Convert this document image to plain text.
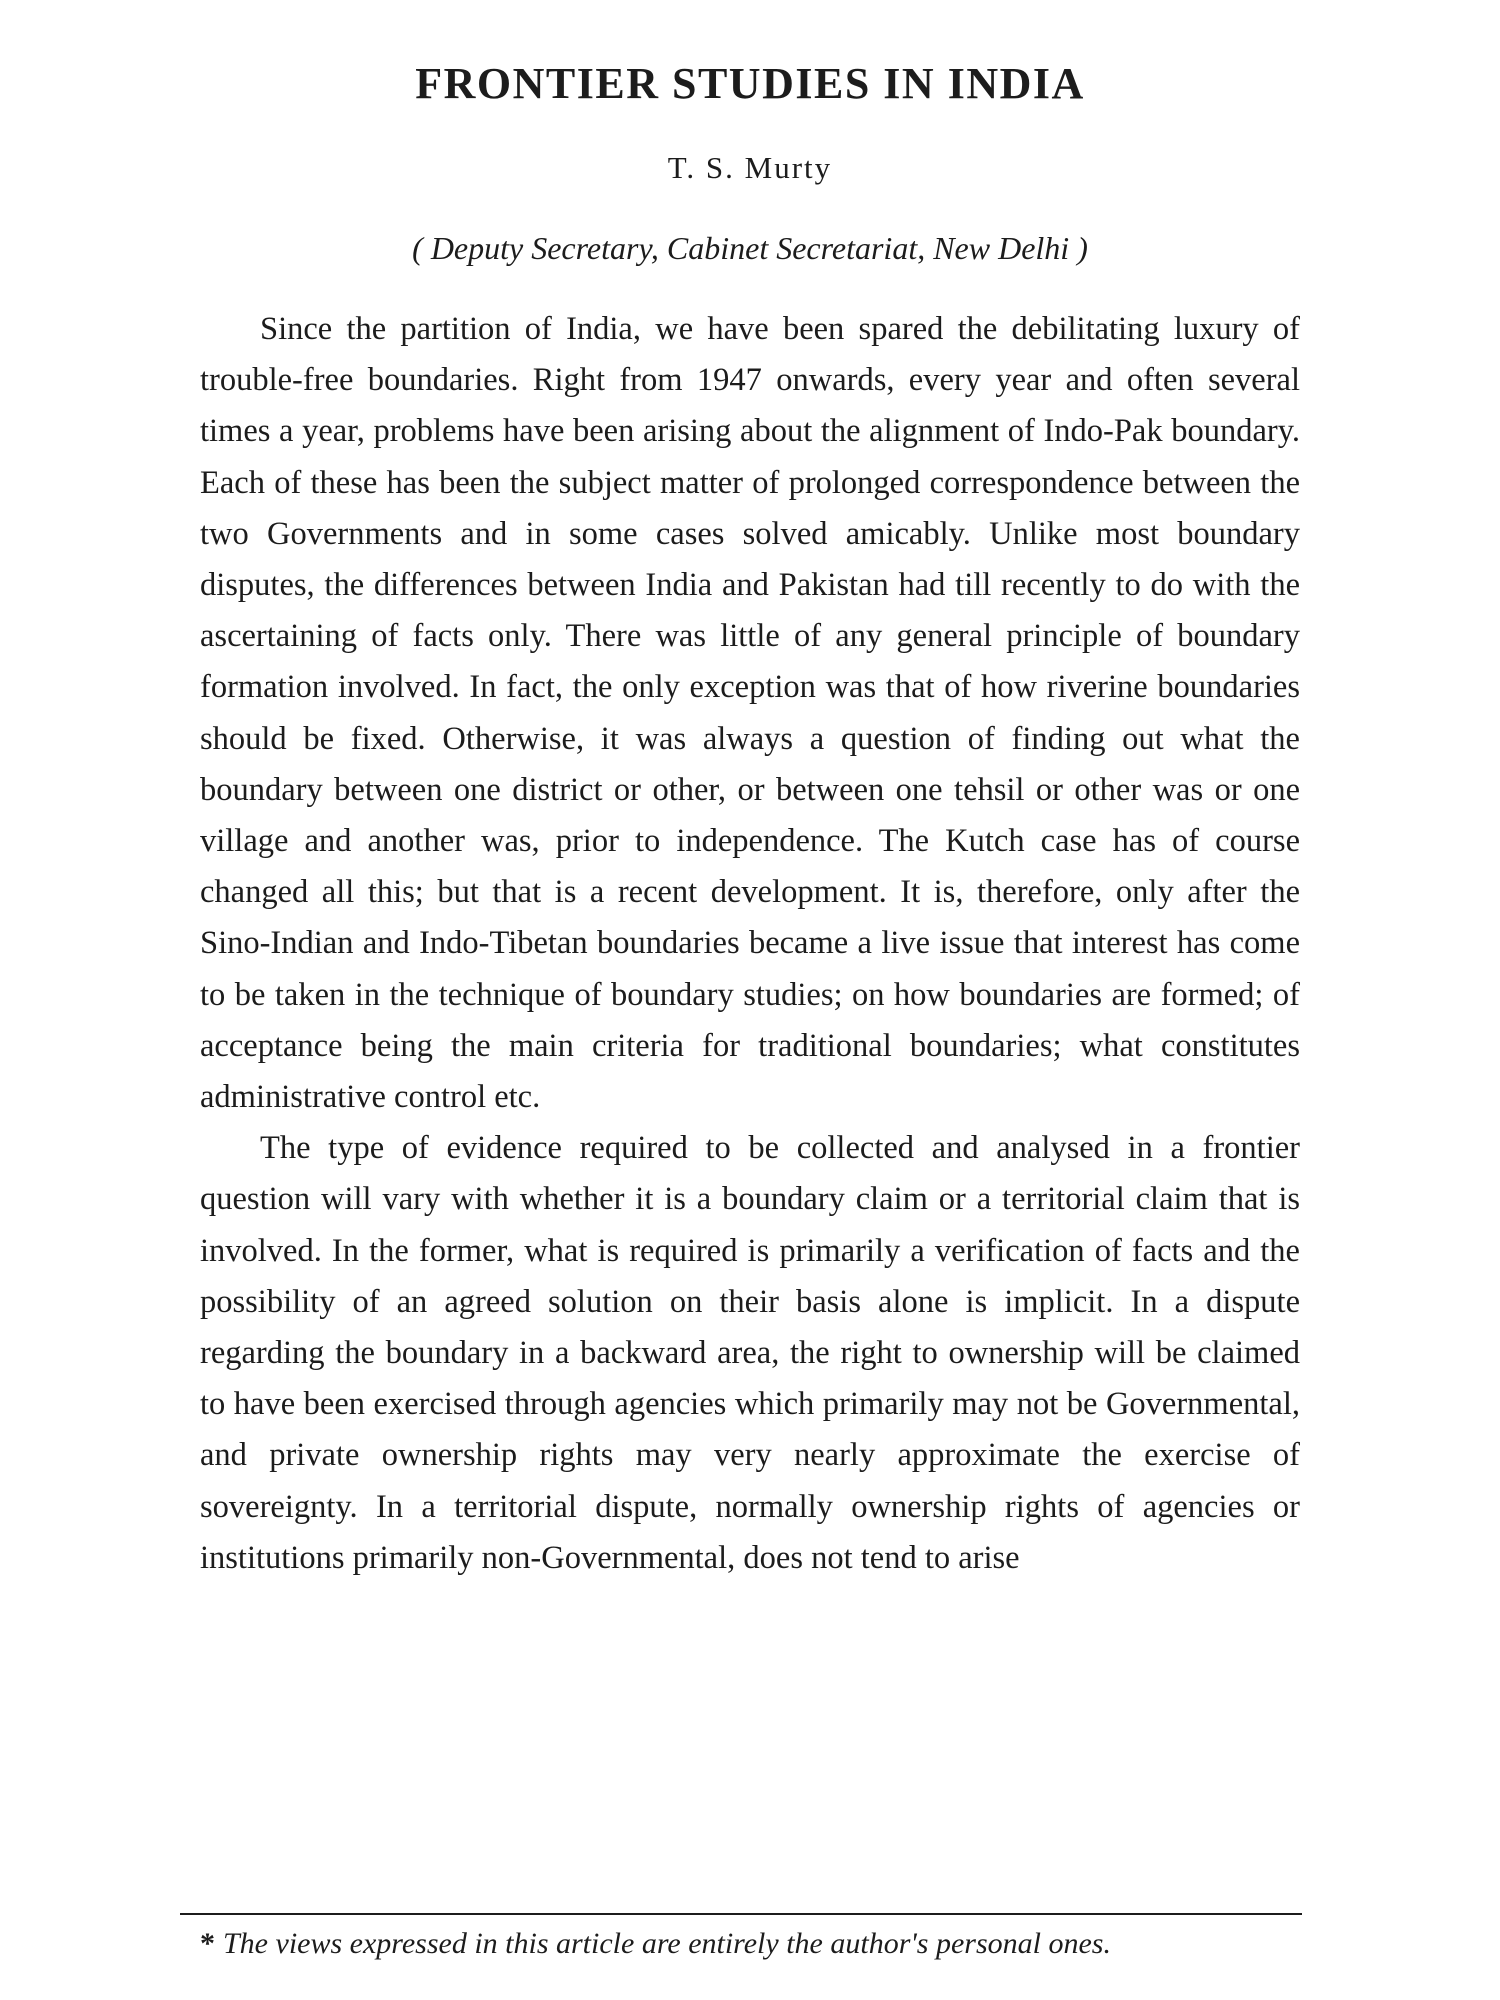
FRONTIER STUDIES IN INDIA

T. S. Murty

( Deputy Secretary, Cabinet Secretariat, New Delhi )

Since the partition of India, we have been spared the debilitating luxury of trouble-free boundaries. Right from 1947 onwards, every year and often several times a year, problems have been arising about the alignment of Indo-Pak boundary. Each of these has been the subject matter of prolonged correspondence between the two Governments and in some cases solved amicably. Unlike most boundary disputes, the differences between India and Pakistan had till recently to do with the ascertaining of facts only. There was little of any general principle of boundary formation involved. In fact, the only exception was that of how riverine boundaries should be fixed. Otherwise, it was always a question of finding out what the boundary between one district or other, or between one tehsil or other was or one village and another was, prior to independence. The Kutch case has of course changed all this; but that is a recent development. It is, therefore, only after the Sino-Indian and Indo-Tibetan boundaries became a live issue that interest has come to be taken in the technique of boundary studies; on how boundaries are formed; of acceptance being the main criteria for traditional boundaries; what constitutes administrative control etc.

The type of evidence required to be collected and analysed in a frontier question will vary with whether it is a boundary claim or a territorial claim that is involved. In the former, what is required is primarily a verification of facts and the possibility of an agreed solution on their basis alone is implicit. In a dispute regarding the boundary in a backward area, the right to ownership will be claimed to have been exercised through agencies which primarily may not be Governmental, and private ownership rights may very nearly approximate the exercise of sovereignty. In a territorial dispute, normally ownership rights of agencies or institutions primarily non-Governmental, does not tend to arise

* The views expressed in this article are entirely the author's personal ones.
